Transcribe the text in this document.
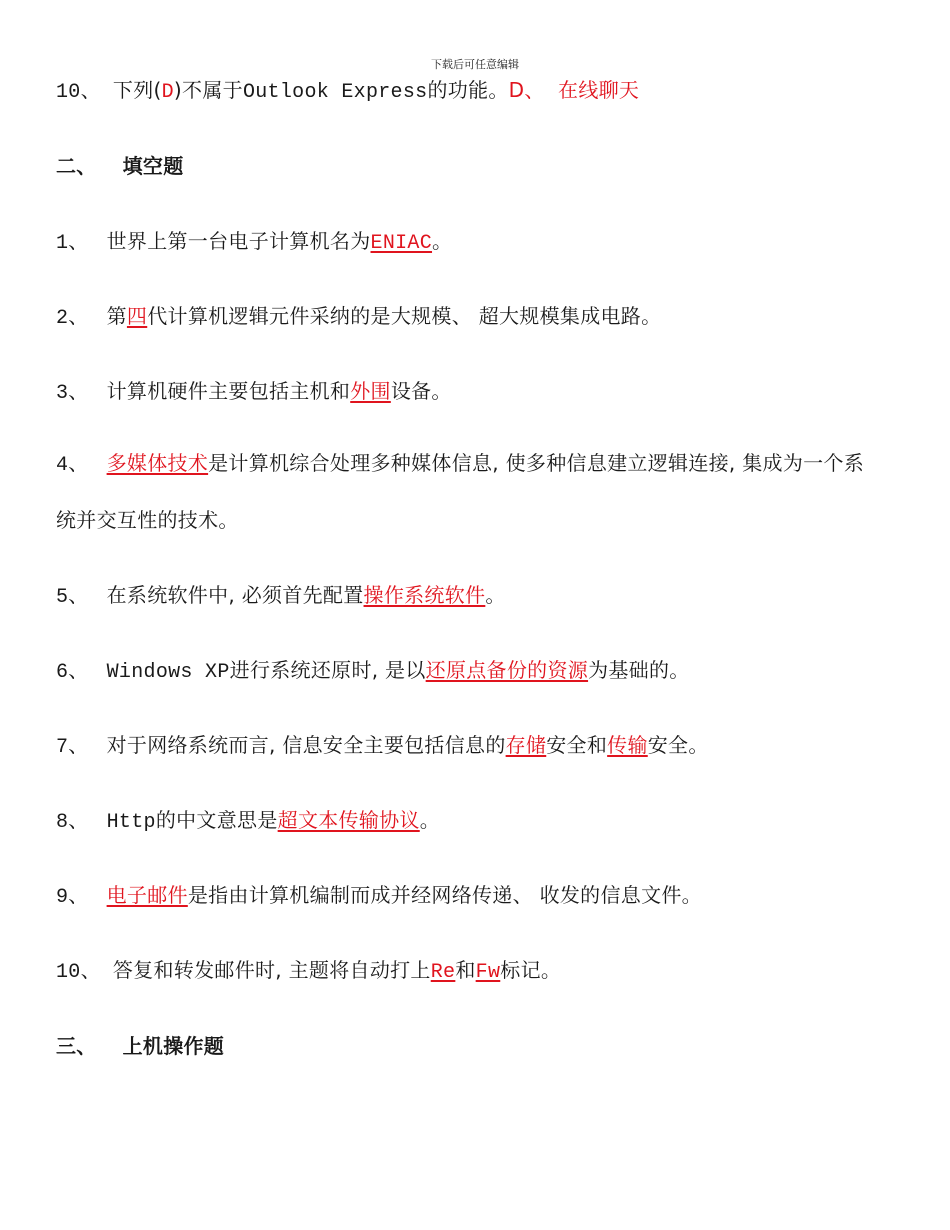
下载后可任意编辑
10、 下列(D)不属于Outlook Express的功能。D、 在线聊天
二、 填空题
1、 世界上第一台电子计算机名为ENIAC。
2、 第四代计算机逻辑元件采纳的是大规模、 超大规模集成电路。
3、 计算机硬件主要包括主机和外围设备。
4、 多媒体技术是计算机综合处理多种媒体信息, 使多种信息建立逻辑连接, 集成为一个系统并交互性的技术。
5、 在系统软件中, 必须首先配置操作系统软件。
6、 Windows XP进行系统还原时, 是以还原点备份的资源为基础的。
7、 对于网络系统而言, 信息安全主要包括信息的存储安全和传输安全。
8、 Http的中文意思是超文本传输协议。
9、 电子邮件是指由计算机编制而成并经网络传递、 收发的信息文件。
10、 答复和转发邮件时, 主题将自动打上Re和Fw标记。
三、 上机操作题
